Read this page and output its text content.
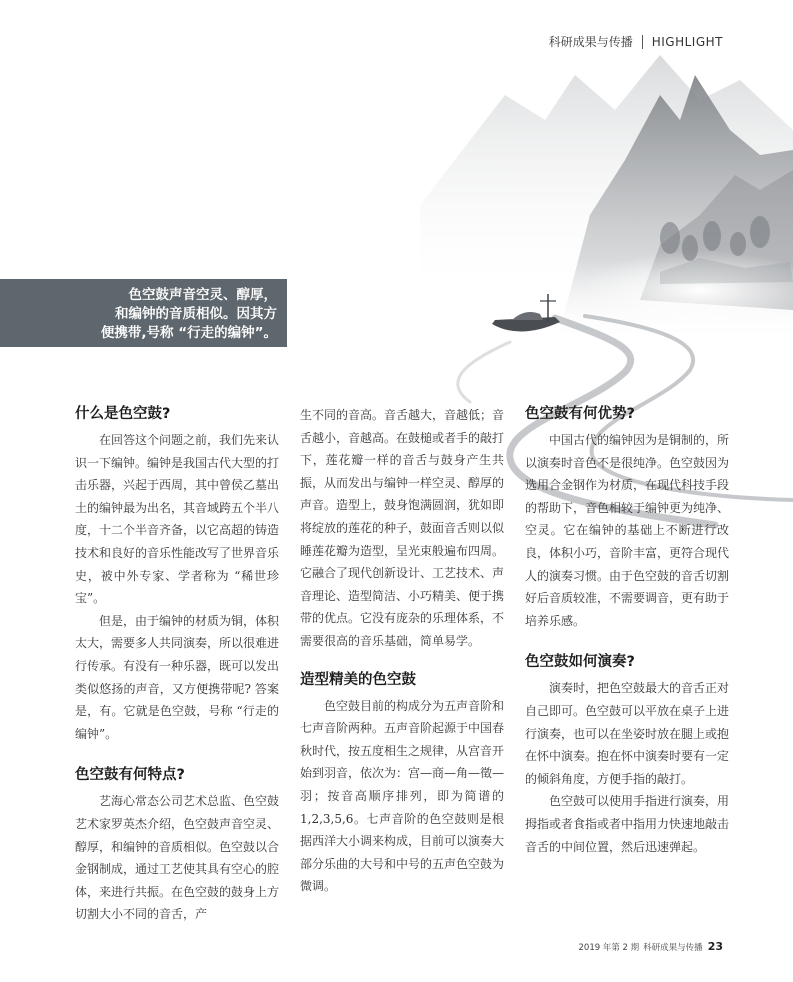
科研成果与传播 HIGHLIGHT
色空鼓声音空灵、醇厚，
和编钟的音质相似。因其方
便携带,号称 “行走的编钟”。
什么是色空鼓?

在回答这个问题之前，我们先来认识一下编钟。编钟是我国古代大型的打击乐器，兴起于西周，其中曾侯乙墓出土的编钟最为出名，其音域跨五个半八度，十二个半音齐备，以它高超的铸造技术和良好的音乐性能改写了世界音乐史，被中外专家、学者称为 “稀世珍宝”。

但是，由于编钟的材质为铜，体积太大，需要多人共同演奏，所以很难进行传承。有没有一种乐器，既可以发出类似悠扬的声音，又方便携带呢? 答案是，有。它就是色空鼓，号称 “行走的编钟”。

色空鼓有何特点?

艺海心常态公司艺术总监、色空鼓艺术家罗英杰介绍，色空鼓声音空灵、醇厚，和编钟的音质相似。色空鼓以合金钢制成，通过工艺使其具有空心的腔体，来进行共振。在色空鼓的鼓身上方切割大小不同的音舌，产

生不同的音高。音舌越大，音越低；音舌越小，音越高。在鼓槌或者手的敲打下，莲花瓣一样的音舌与鼓身产生共振，从而发出与编钟一样空灵、醇厚的声音。造型上，鼓身饱满圆润，犹如即将绽放的莲花的种子，鼓面音舌则以似睡莲花瓣为造型，呈光束般遍布四周。它融合了现代创新设计、工艺技术、声音理论、造型简洁、小巧精美、便于携带的优点。它没有庞杂的乐理体系，不需要很高的音乐基础，简单易学。

造型精美的色空鼓

色空鼓目前的构成分为五声音阶和七声音阶两种。五声音阶起源于中国春秋时代，按五度相生之规律，从宫音开始到羽音，依次为：宫—商—角—徵—羽；按音高顺序排列，即为简谱的1,2,3,5,6。七声音阶的色空鼓则是根据西洋大小调来构成，目前可以演奏大部分乐曲的大号和中号的五声色空鼓为微调。

色空鼓有何优势?

中国古代的编钟因为是铜制的，所以演奏时音色不是很纯净。色空鼓因为选用合金钢作为材质，在现代科技手段的帮助下，音色相较于编钟更为纯净、空灵。它在编钟的基础上不断进行改良，体积小巧，音阶丰富，更符合现代人的演奏习惯。由于色空鼓的音舌切割好后音质较准，不需要调音，更有助于培养乐感。

色空鼓如何演奏?

演奏时，把色空鼓最大的音舌正对自己即可。色空鼓可以平放在桌子上进行演奏，也可以在坐姿时放在腿上或抱在怀中演奏。抱在怀中演奏时要有一定的倾斜角度，方便手指的敲打。

色空鼓可以使用手指进行演奏，用拇指或者食指或者中指用力快速地敲击音舌的中间位置，然后迅速弹起。

2019 年第 2 期 科研成果与传播 23
